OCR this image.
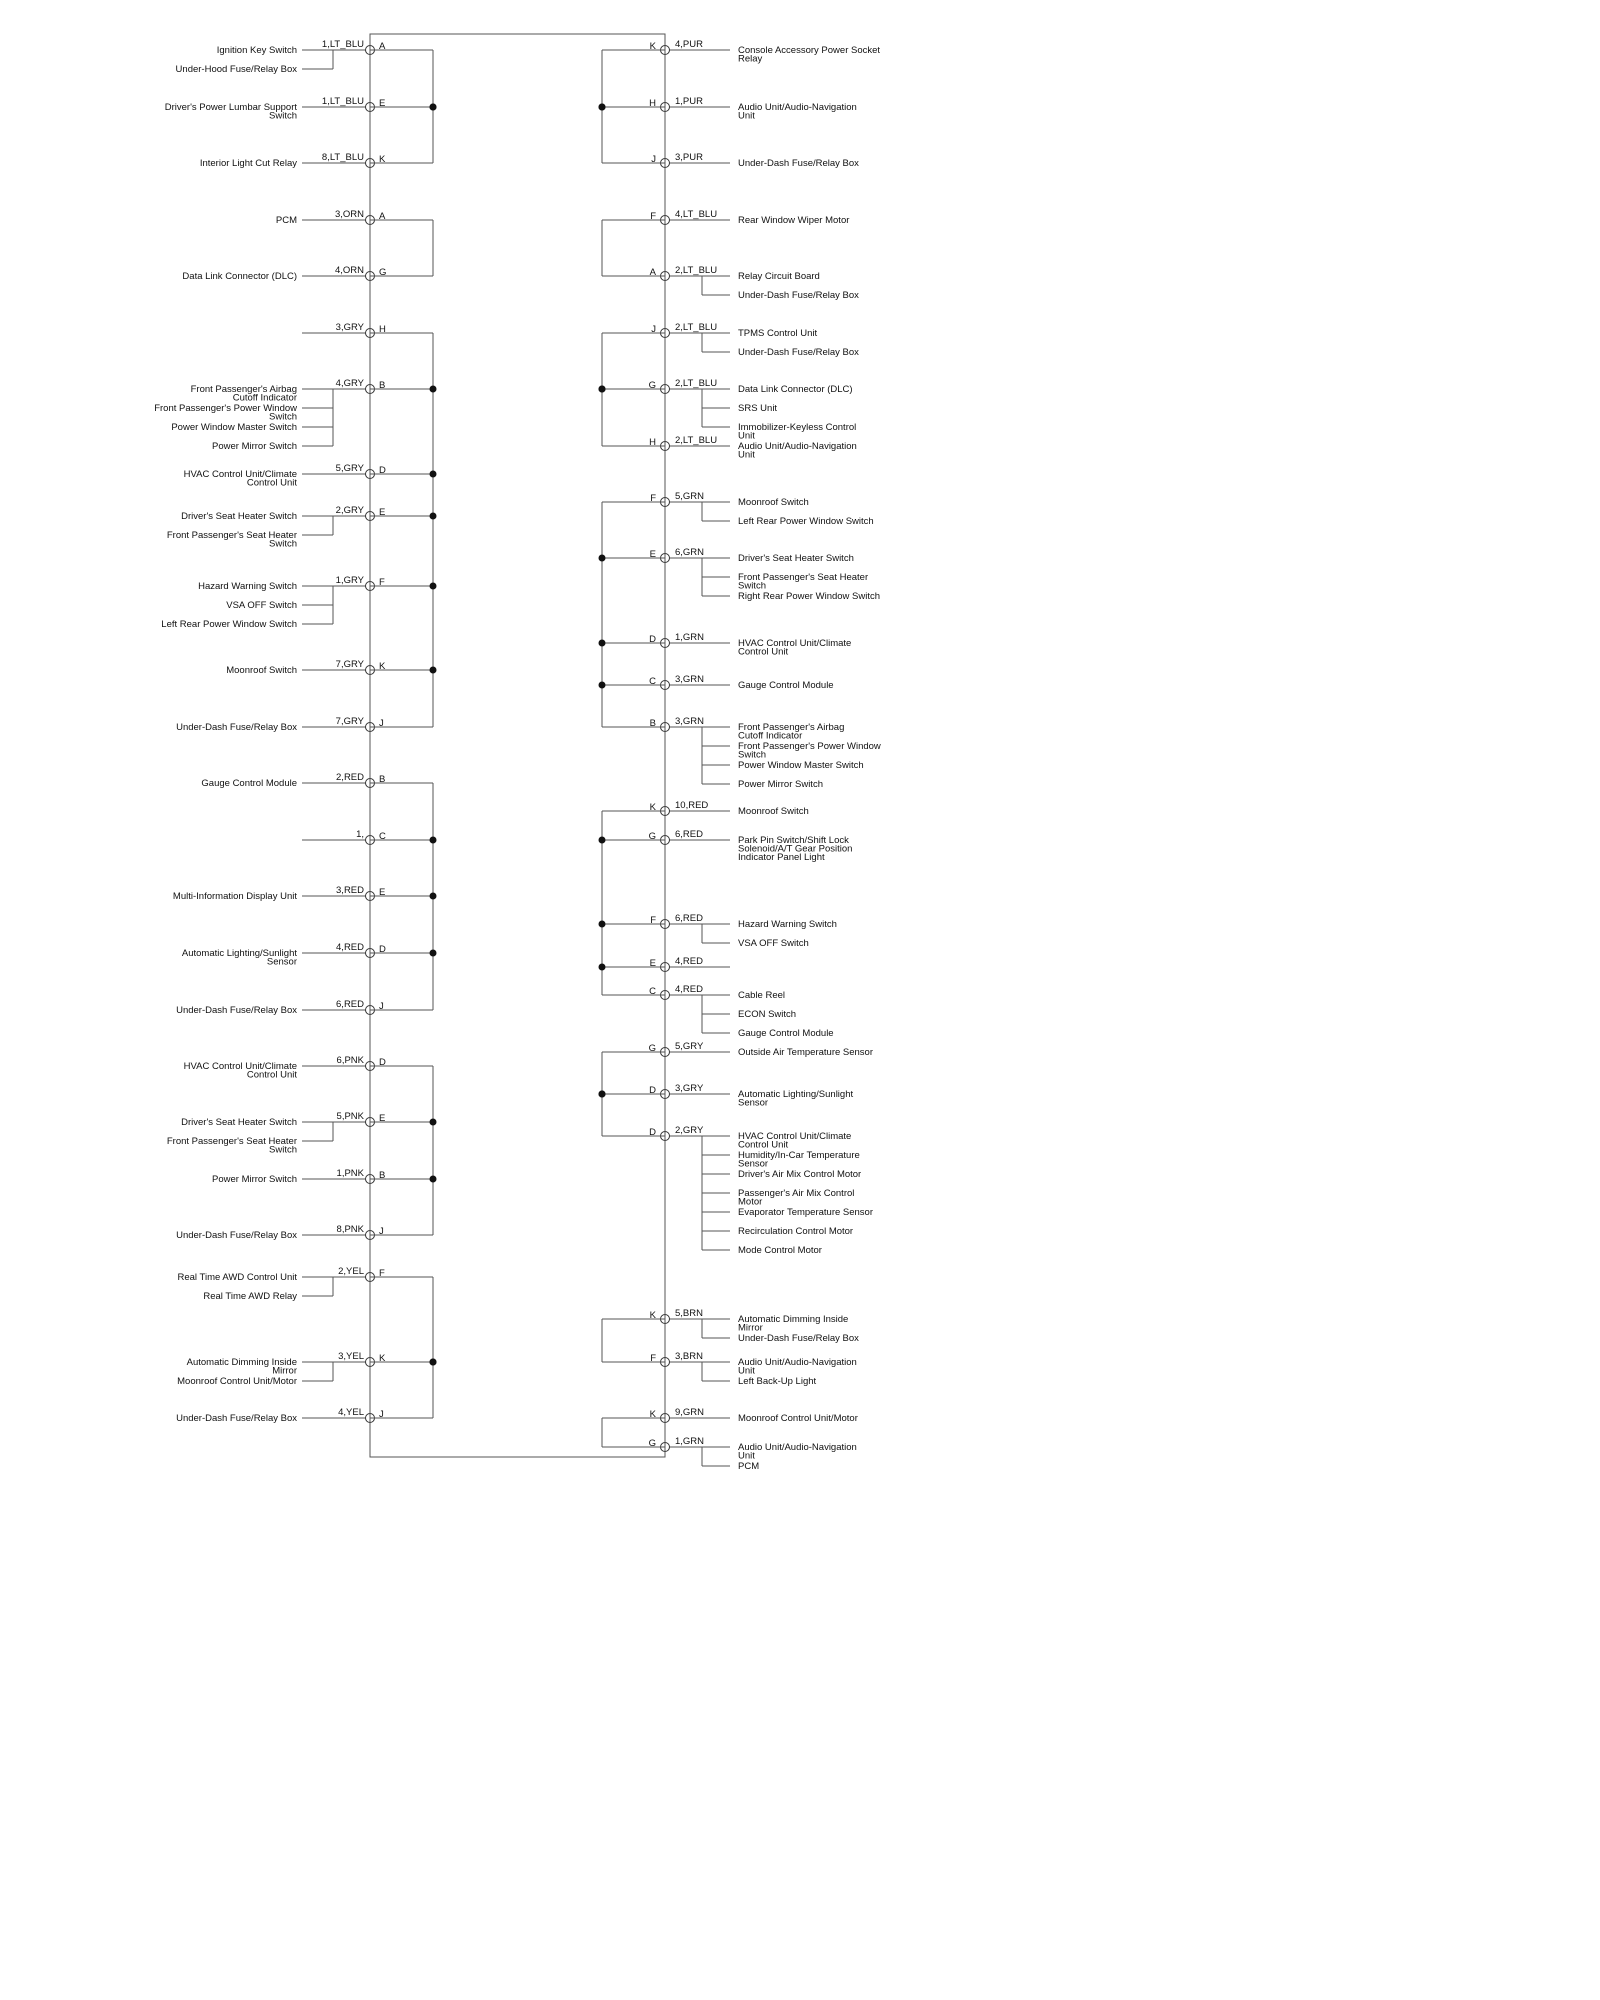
1,LT_BLU A
Ignition Key Switch
Under-Hood Fuse/Relay Box
1,LT_BLU E
Driver's Power Lumbar Support Switch
8,LT_BLU K
Interior Light Cut Relay
3,ORN A
PCM
4,ORN G
Data Link Connector (DLC)
3,GRY H
4,GRY B
Front Passenger's Airbag Cutoff Indicator
Front Passenger's Power Window Switch
Power Window Master Switch
Power Mirror Switch
5,GRY D
HVAC Control Unit/Climate Control Unit
2,GRY E
Driver's Seat Heater Switch
Front Passenger's Seat Heater Switch
1,GRY F
Hazard Warning Switch
VSA OFF Switch
Left Rear Power Window Switch
7,GRY K
Moonroof Switch
7,GRY J
Under-Dash Fuse/Relay Box
2,RED B
Gauge Control Module
1, C
3,RED E
Multi-Information Display Unit
4,RED D
Automatic Lighting/Sunlight Sensor
6,RED J
Under-Dash Fuse/Relay Box
6,PNK D
HVAC Control Unit/Climate Control Unit
5,PNK E
Driver's Seat Heater Switch
Front Passenger's Seat Heater Switch
1,PNK B
Power Mirror Switch
8,PNK J
Under-Dash Fuse/Relay Box
2,YEL F
Real Time AWD Control Unit
Real Time AWD Relay
3,YEL K
Automatic Dimming Inside Mirror
Moonroof Control Unit/Motor
4,YEL J
Under-Dash Fuse/Relay Box
4,PUR
K	Console Accessory Power Socket Relay
1,PUR
H	Audio Unit/Audio-Navigation Unit
3,PUR
J	Under-Dash Fuse/Relay Box
4,LT_BLU
F	Rear Window Wiper Motor
2,LT_BLU
A	Relay Circuit Board
Under-Dash Fuse/Relay Box
2,LT_BLU
J	TPMS Control Unit
Under-Dash Fuse/Relay Box
2,LT_BLU
G	Data Link Connector (DLC)
SRS Unit
Immobilizer-Keyless Control Unit
2,LT_BLU
H	Audio Unit/Audio-Navigation Unit
5,GRN
F	Moonroof Switch
Left Rear Power Window Switch
6,GRN
E	Driver's Seat Heater Switch
Front Passenger's Seat Heater Switch
Right Rear Power Window Switch
1,GRN
D	HVAC Control Unit/Climate Control Unit
3,GRN
C	Gauge Control Module
3,GRN
B	Front Passenger's Airbag Cutoff Indicator
Front Passenger's Power Window Switch
Power Window Master Switch
Power Mirror Switch
10,RED
K	Moonroof Switch
6,RED
G	Park Pin Switch/Shift Lock Solenoid/A/T Gear Position Indicator Panel Light
6,RED
F	Hazard Warning Switch
VSA OFF Switch
4,RED
E
4,RED
C	Cable Reel
ECON Switch
Gauge Control Module
5,GRY
G	Outside Air Temperature Sensor
3,GRY
D	Automatic Lighting/Sunlight Sensor
2,GRY
D	HVAC Control Unit/Climate Control Unit
Humidity/In-Car Temperature Sensor
Driver's Air Mix Control Motor
Passenger's Air Mix Control Motor
Evaporator Temperature Sensor
Recirculation Control Motor
Mode Control Motor
5,BRN
K	Automatic Dimming Inside Mirror
Under-Dash Fuse/Relay Box
3,BRN
F	Audio Unit/Audio-Navigation Unit
Left Back-Up Light
9,GRN
K	Moonroof Control Unit/Motor
1,GRN
G	Audio Unit/Audio-Navigation Unit
PCM
